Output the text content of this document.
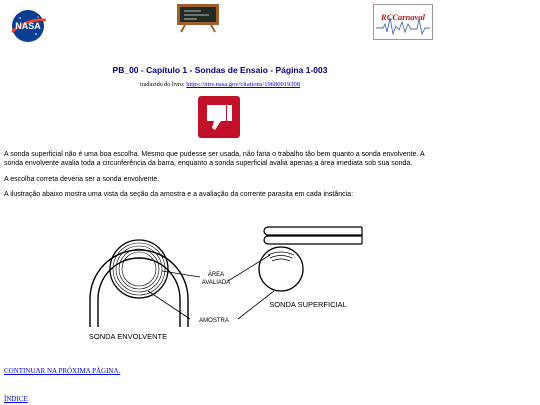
NASA
RCCarnaval
PB_00 - Capítulo 1 - Sondas de Ensaio - Página 1-003
traduzido do livro: https://ntrs.nasa.gov/citations/19680019308
A sonda superficial não é uma boa escolha. Mesmo que pudesse ser usada, não faria o trabalho tão bem quanto a sonda envolvente. A sonda envolvente avalia toda a circunferência da barra, enquanto a sonda superficial avalia apenas a área imediata sob sua sonda.
A escolha correta deveria ser a sonda envolvente.
A ilustração abaixo mostra uma vista da seção da amostra e a avaliação da corrente parasita em cada instância:
ÁREA
AVALIADA
AMOSTRA
SONDA ENVOLVENTE
SONDA SUPERFICIAL
CONTINUAR NA PRÓXIMA PÁGINA.
ÍNDICE
